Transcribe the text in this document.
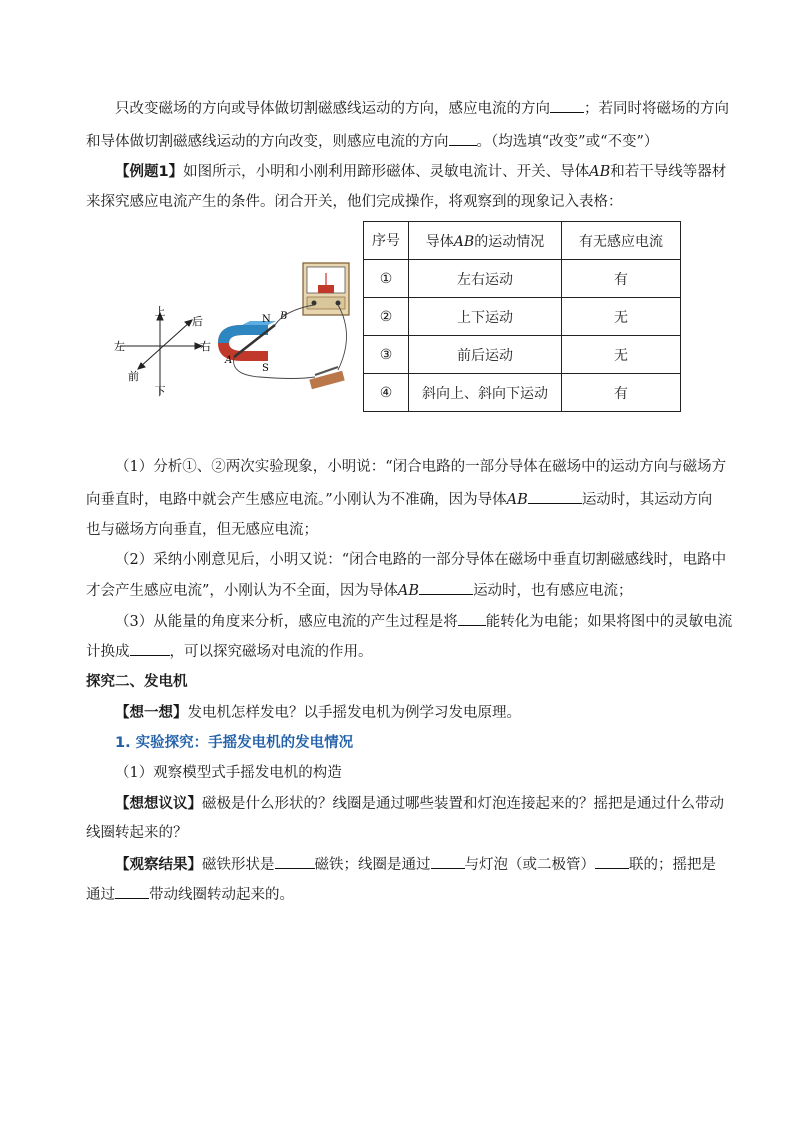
只改变磁场的方向或导体做切割磁感线运动的方向，感应电流的方向 ；若同时将磁场的方向
和导体做切割磁感线运动的方向改变，则感应电流的方向 。（均选填“改变”或“不变”）
【例题1】如图所示，小明和小刚利用蹄形磁体、灵敏电流计、开关、导体AB和若干导线等器材
来探究感应电流产生的条件。闭合开关，他们完成操作，将观察到的现象记入表格：
上
下
左	右
前
后	N
S
A
B
序号	导体AB的运动情况	有无感应电流
①	左右运动	有
②	上下运动	无
③	前后运动	无
④	斜向上、斜向下运动	有
（1）分析①、②两次实验现象，小明说：“闭合电路的一部分导体在磁场中的运动方向与磁场方
向垂直时，电路中就会产生感应电流。”小刚认为不准确，因为导体AB	运动时，其运动方向
也与磁场方向垂直，但无感应电流；
（2）采纳小刚意见后，小明又说：“闭合电路的一部分导体在磁场中垂直切割磁感线时，电路中
才会产生感应电流”，小刚认为不全面，因为导体AB	运动时，也有感应电流；
（3）从能量的角度来分析，感应电流的产生过程是将 能转化为电能；如果将图中的灵敏电流
计换成	，可以探究磁场对电流的作用。
探究二、发电机
【想一想】发电机怎样发电？以手摇发电机为例学习发电原理。
1. 实验探究：手摇发电机的发电情况
（1）观察模型式手摇发电机的构造
【想想议议】磁极是什么形状的？线圈是通过哪些装置和灯泡连接起来的？摇把是通过什么带动
线圈转起来的？
【观察结果】磁铁形状是	磁铁；线圈是通过 与灯泡（或二极管） 联的；摇把是
通过 带动线圈转动起来的。
